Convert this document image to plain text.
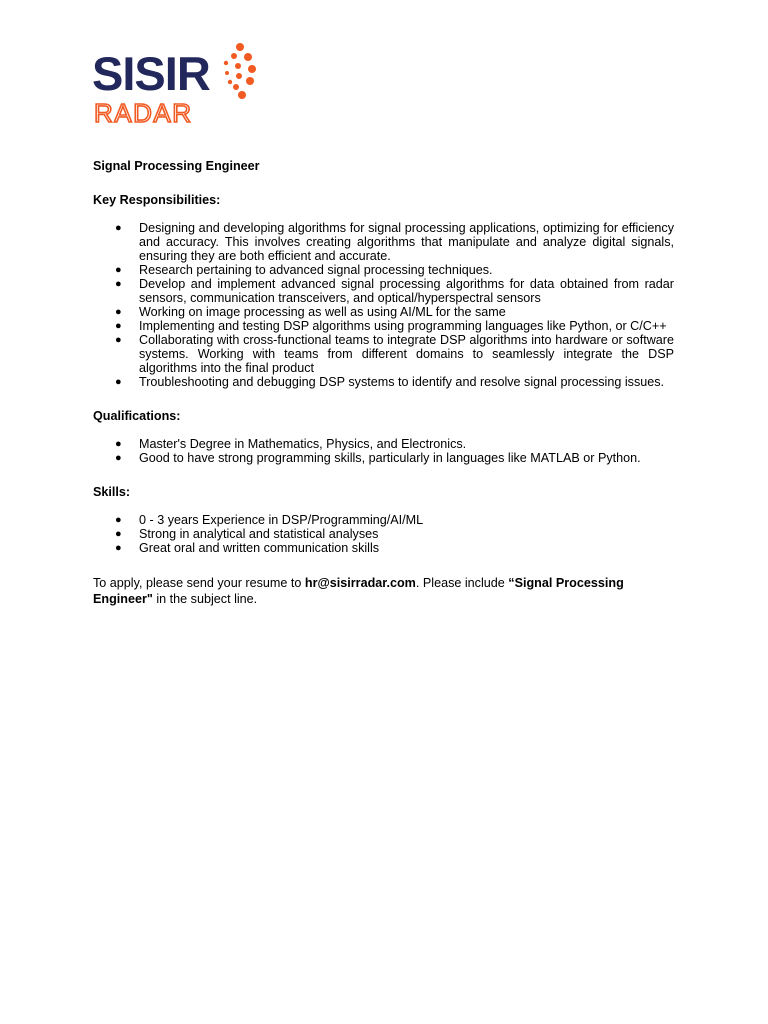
SISIR
RADAR

Signal Processing Engineer

Key Responsibilities:

● Designing and developing algorithms for signal processing applications, optimizing for efficiency and accuracy. This involves creating algorithms that manipulate and analyze digital signals, ensuring they are both efficient and accurate.
● Research pertaining to advanced signal processing techniques.
● Develop and implement advanced signal processing algorithms for data obtained from radar sensors, communication transceivers, and optical/hyperspectral sensors
● Working on image processing as well as using AI/ML for the same
● Implementing and testing DSP algorithms using programming languages like Python, or C/C++
● Collaborating with cross-functional teams to integrate DSP algorithms into hardware or software systems. Working with teams from different domains to seamlessly integrate the DSP algorithms into the final product
● Troubleshooting and debugging DSP systems to identify and resolve signal processing issues.

Qualifications:

● Master's Degree in Mathematics, Physics, and Electronics.
● Good to have strong programming skills, particularly in languages like MATLAB or Python.

Skills:

● 0 - 3 years Experience in DSP/Programming/AI/ML
● Strong in analytical and statistical analyses
● Great oral and written communication skills

To apply, please send your resume to hr@sisirradar.com. Please include “Signal Processing Engineer" in the subject line.
